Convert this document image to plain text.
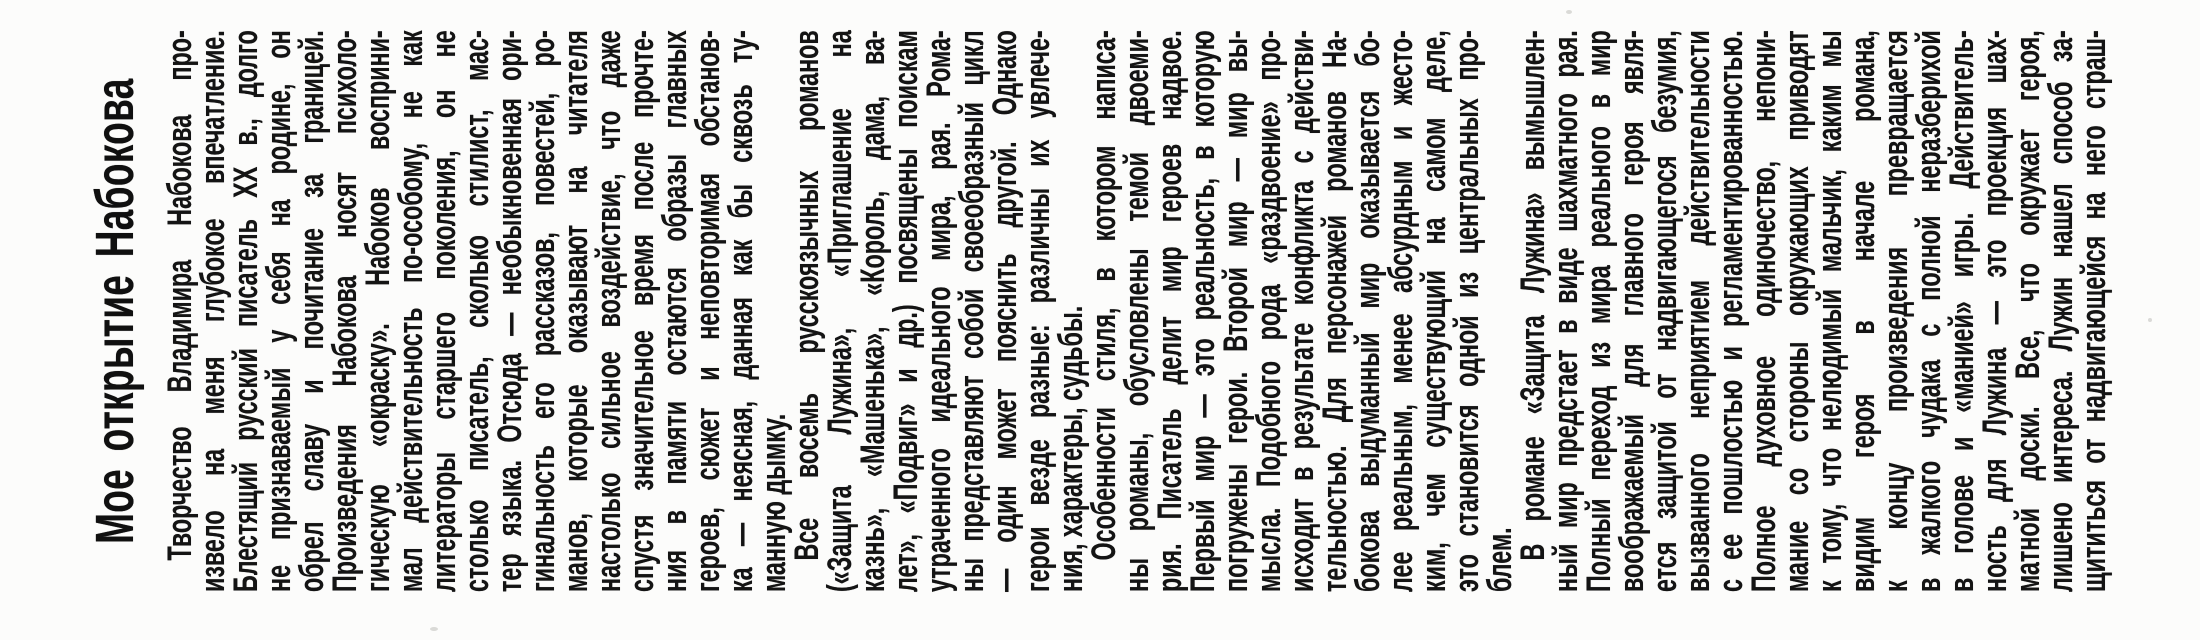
Мое открытие Набокова Творчество Владимира Набокова про-
извело на меня глубокое впечатление.
Блестящий русский писатель XX в., долго
не признаваемый у себя на родине, он
обрел славу и почитание за границей.
Произведения Набокова носят психоло-
гическую «окраску». Набоков восприни-
мал действительность по-особому, не как
литераторы старшего поколения, он не
столько писатель, сколько стилист, мас-
тер языка. Отсюда — необыкновенная ори-
гинальность его рассказов, повестей, ро-
манов, которые оказывают на читателя
настолько сильное воздействие, что даже
спустя значительное время после прочте-
ния в памяти остаются образы главных
героев, сюжет и неповторимая обстанов-
ка — неясная, данная как бы сквозь ту-
манную дымку.
Все восемь русскоязычных романов
(«Защита Лужина», «Приглашение на
казнь», «Машенька», «Король, дама, ва-
лет», «Подвиг» и др.) посвящены поискам
утраченного идеального мира, рая. Рома-
ны представляют собой своеобразный цикл
— один может пояснить другой. Однако
герои везде разные: различны их увлече-
ния, характеры, судьбы.
Особенности стиля, в котором написа-
ны романы, обусловлены темой двоеми-
рия. Писатель делит мир героев надвое.
Первый мир — это реальность, в которую
погружены герои. Второй мир — мир вы-
мысла. Подобного рода «раздвоение» про-
исходит в результате конфликта с действи-
тельностью. Для персонажей романов На-
бокова выдуманный мир оказывается бо-
лее реальным, менее абсурдным и жесто-
ким, чем существующий на самом деле,
это становится одной из центральных про-
блем.
В романе «Защита Лужина» вымышлен-
ный мир предстает в виде шахматного рая.
Полный переход из мира реального в мир
воображаемый для главного героя явля-
ется защитой от надвигающегося безумия,
вызванного неприятием действительности
с ее пошлостью и регламентированностью.
Полное духовное одиночество, непони-
мание со стороны окружающих приводят
к тому, что нелюдимый мальчик, каким мы
видим героя в начале романа,
к концу произведения превращается
в жалкого чудака с полной неразберихой
в голове и «манией» игры. Действитель-
ность для Лужина — это проекция шах-
матной доски. Все, что окружает героя,
лишено интереса. Лужин нашел способ за-
щититься от надвигающейся на него страш-
